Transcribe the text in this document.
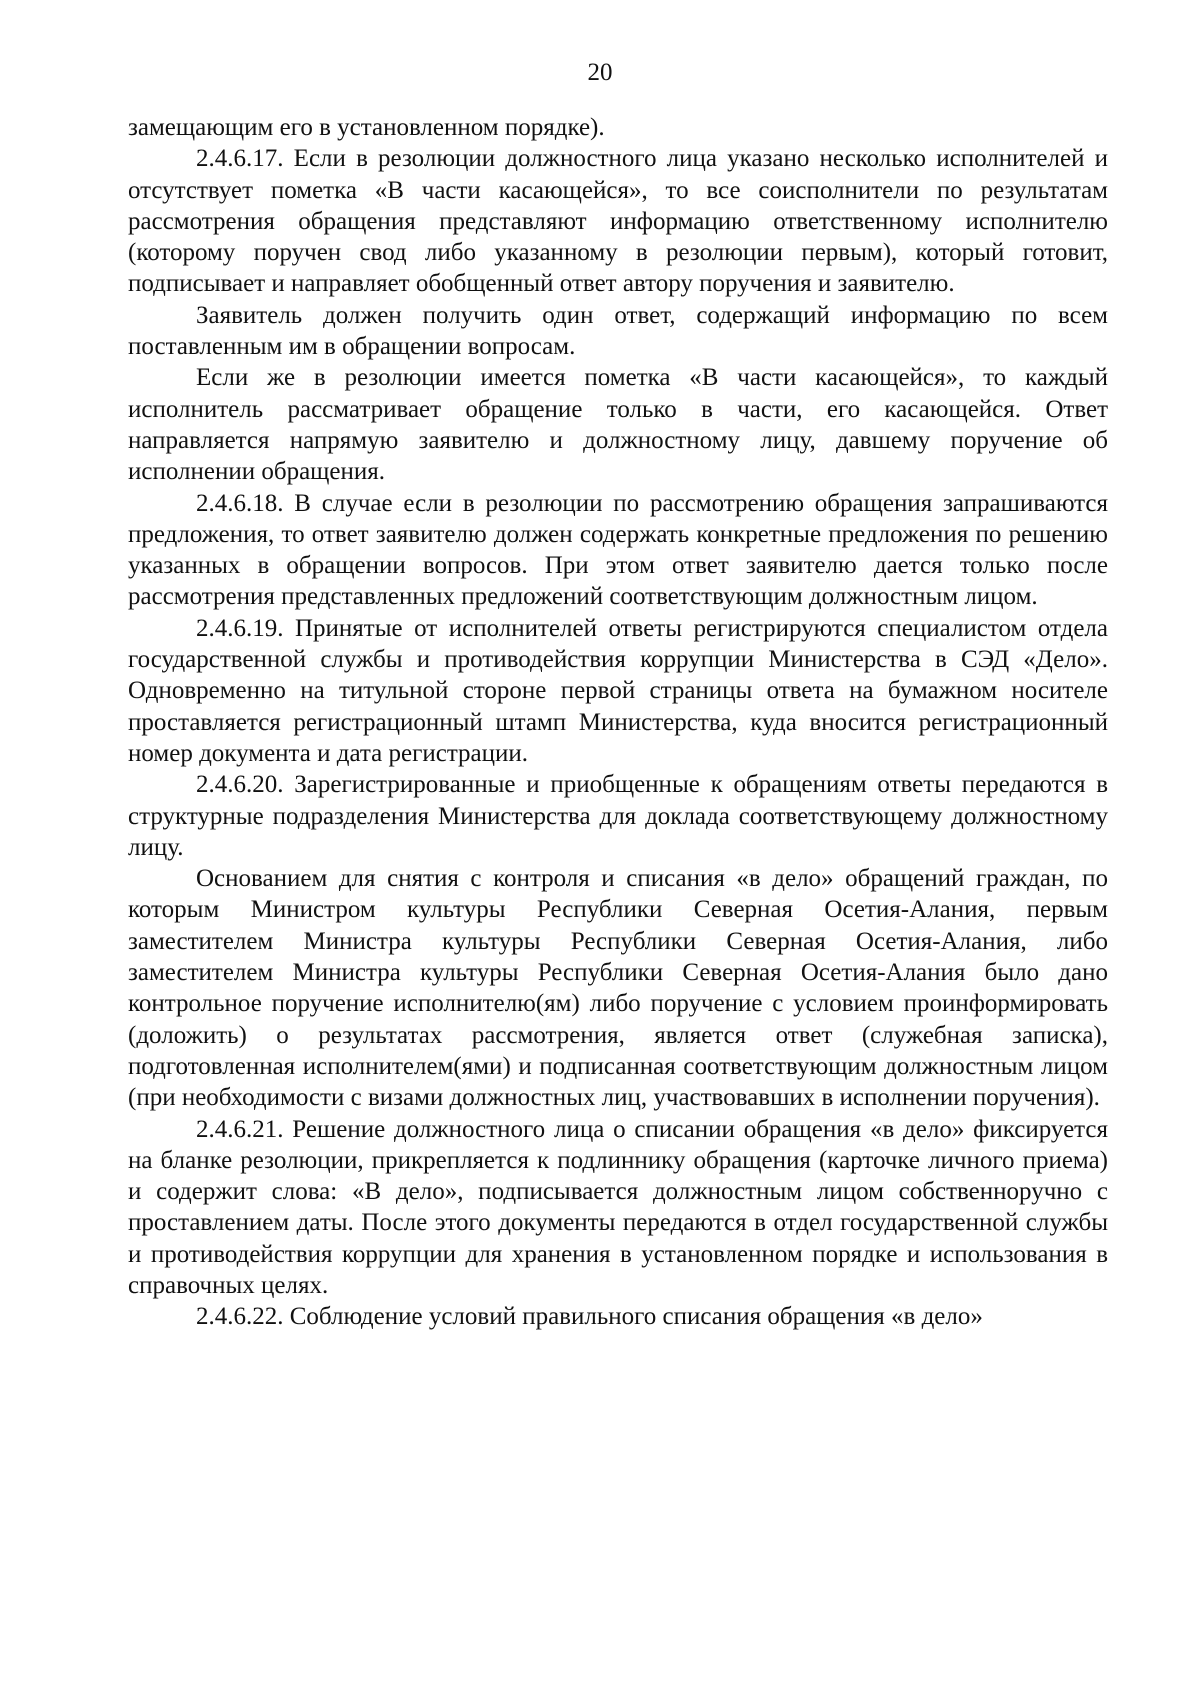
20

замещающим его в установленном порядке).

2.4.6.17. Если в резолюции должностного лица указано несколько исполнителей и отсутствует пометка «В части касающейся», то все соисполнители по результатам рассмотрения обращения представляют информацию ответственному исполнителю (которому поручен свод либо указанному в резолюции первым), который готовит, подписывает и направляет обобщенный ответ автору поручения и заявителю.

Заявитель должен получить один ответ, содержащий информацию по всем поставленным им в обращении вопросам.

Если же в резолюции имеется пометка «В части касающейся», то каждый исполнитель рассматривает обращение только в части, его касающейся. Ответ направляется напрямую заявителю и должностному лицу, давшему поручение об исполнении обращения.

2.4.6.18. В случае если в резолюции по рассмотрению обращения запрашиваются предложения, то ответ заявителю должен содержать конкретные предложения по решению указанных в обращении вопросов. При этом ответ заявителю дается только после рассмотрения представленных предложений соответствующим должностным лицом.

2.4.6.19. Принятые от исполнителей ответы регистрируются специалистом отдела государственной службы и противодействия коррупции Министерства в СЭД «Дело». Одновременно на титульной стороне первой страницы ответа на бумажном носителе проставляется регистрационный штамп Министерства, куда вносится регистрационный номер документа и дата регистрации.

2.4.6.20. Зарегистрированные и приобщенные к обращениям ответы передаются в структурные подразделения Министерства для доклада соответствующему должностному лицу.

Основанием для снятия с контроля и списания «в дело» обращений граждан, по которым Министром культуры Республики Северная Осетия-Алания, первым заместителем Министра культуры Республики Северная Осетия-Алания, либо заместителем Министра культуры Республики Северная Осетия-Алания было дано контрольное поручение исполнителю(ям) либо поручение с условием проинформировать (доложить) о результатах рассмотрения, является ответ (служебная записка), подготовленная исполнителем(ями) и подписанная соответствующим должностным лицом (при необходимости с визами должностных лиц, участвовавших в исполнении поручения).

2.4.6.21. Решение должностного лица о списании обращения «в дело» фиксируется на бланке резолюции, прикрепляется к подлиннику обращения (карточке личного приема) и содержит слова: «В дело», подписывается должностным лицом собственноручно с проставлением даты. После этого документы передаются в отдел государственной службы и противодействия коррупции для хранения в установленном порядке и использования в справочных целях.

2.4.6.22. Соблюдение условий правильного списания обращения «в дело»
